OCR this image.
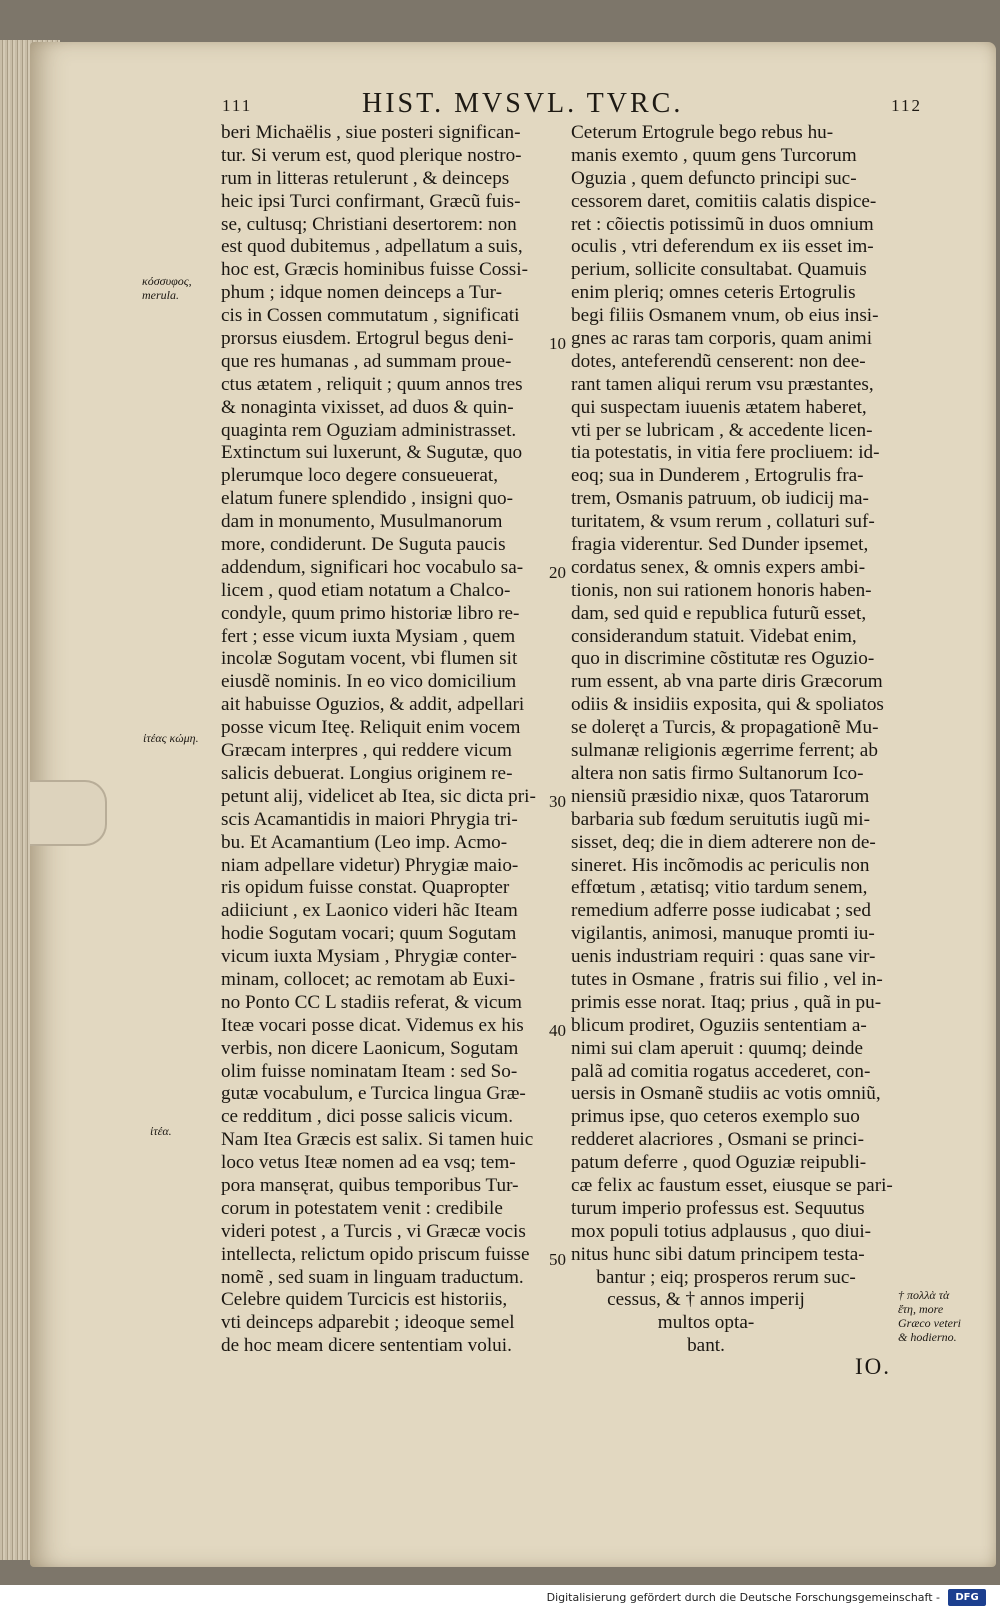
111	HIST. MVSVL. TVRC.	112
beri Michaëlis , siue posteri significan-
tur. Si verum est, quod plerique nostro-
rum in litteras retulerunt , & deinceps
heic ipsi Turci confirmant, Græcũ fuis-
se, cultusq; Christiani desertorem: non
est quod dubitemus , adpellatum a suis,
hoc est, Græcis hominibus fuisse Cossi-
phum ; idque nomen deinceps a Tur-
cis in Cossen commutatum , significati
prorsus eiusdem. Ertogrul begus deni-
que res humanas , ad summam proue-
ctus ætatem , reliquit ; quum annos tres
& nonaginta vixisset, ad duos & quin-
quaginta rem Oguziam administrasset.
Extinctum sui luxerunt, & Sugutæ, quo
plerumque loco degere consueuerat,
elatum funere splendido , insigni quo-
dam in monumento, Musulmanorum
more, condiderunt. De Suguta paucis
addendum, significari hoc vocabulo sa-
licem , quod etiam notatum a Chalco-
condyle, quum primo historiæ libro re-
fert ; esse vicum iuxta Mysiam , quem
incolæ Sogutam vocent, vbi flumen sit
eiusdẽ nominis. In eo vico domicilium
ait habuisse Oguzios, & addit, adpellari
posse vicum Iteę. Reliquit enim vocem
Græcam interpres , qui reddere vicum
salicis debuerat. Longius originem re-
petunt alij, videlicet ab Itea, sic dicta pri-
scis Acamantidis in maiori Phrygia tri-
bu. Et Acamantium (Leo imp. Acmo-
niam adpellare videtur) Phrygiæ maio-
ris opidum fuisse constat. Quapropter
adiiciunt , ex Laonico videri hãc Iteam
hodie Sogutam vocari; quum Sogutam
vicum iuxta Mysiam , Phrygiæ conter-
minam, collocet; ac remotam ab Euxi-
no Ponto CC L stadiis referat, & vicum
Iteæ vocari posse dicat. Videmus ex his
verbis, non dicere Laonicum, Sogutam
olim fuisse nominatam Iteam : sed So-
gutæ vocabulum, e Turcica lingua Græ-
ce redditum , dici posse salicis vicum.
Nam Itea Græcis est salix. Si tamen huic
loco vetus Iteæ nomen ad ea vsq; tem-
pora mansęrat, quibus temporibus Tur-
corum in potestatem venit : credibile
videri potest , a Turcis , vi Græcæ vocis
intellecta, relictum opido priscum fuisse
nomẽ , sed suam in linguam traductum.
Celebre quidem Turcicis est historiis,
vti deinceps adparebit ; ideoque semel
de hoc meam dicere sententiam volui.
Ceterum Ertogrule bego rebus hu-
manis exemto , quum gens Turcorum
Oguzia , quem defuncto principi suc-
cessorem daret, comitiis calatis dispice-
ret : cõiectis potissimũ in duos omnium
oculis , vtri deferendum ex iis esset im-
perium, sollicite consultabat. Quamuis
enim pleriq; omnes ceteris Ertogrulis
begi filiis Osmanem vnum, ob eius insi-
gnes ac raras tam corporis, quam animi
dotes, anteferendũ censerent: non dee-
rant tamen aliqui rerum vsu præstantes,
qui suspectam iuuenis ætatem haberet,
vti per se lubricam , & accedente licen-
tia potestatis, in vitia fere procliuem: id-
eoq; sua in Dunderem , Ertogrulis fra-
trem, Osmanis patruum, ob iudicij ma-
turitatem, & vsum rerum , collaturi suf-
fragia viderentur. Sed Dunder ipsemet,
cordatus senex, & omnis expers ambi-
tionis, non sui rationem honoris haben-
dam, sed quid e republica futurũ esset,
considerandum statuit. Videbat enim,
quo in discrimine cõstitutæ res Oguzio-
rum essent, ab vna parte diris Græcorum
odiis & insidiis exposita, qui & spoliatos
se doleręt a Turcis, & propagationẽ Mu-
sulmanæ religionis ægerrime ferrent; ab
altera non satis firmo Sultanorum Ico-
niensiũ præsidio nixæ, quos Tatarorum
barbaria sub fœdum seruitutis iugũ mi-
sisset, deq; die in diem adterere non de-
sineret. His incõmodis ac periculis non
effœtum , ætatisq; vitio tardum senem,
remedium adferre posse iudicabat ; sed
vigilantis, animosi, manuque promti iu-
uenis industriam requiri : quas sane vir-
tutes in Osmane , fratris sui filio , vel in-
primis esse norat. Itaq; prius , quã in pu-
blicum prodiret, Oguziis sententiam a-
nimi sui clam aperuit : quumq; deinde
palã ad comitia rogatus accederet, con-
uersis in Osmanẽ studiis ac votis omniũ,
primus ipse, quo ceteros exemplo suo
redderet alacriores , Osmani se princi-
patum deferre , quod Oguziæ reipubli-
cæ felix ac faustum esset, eiusque se pari-
turum imperio professus est. Sequutus
mox populi totius adplausus , quo diui-
nitus hunc sibi datum principem testa-
bantur ; eiq; prosperos rerum suc-
cessus, & † annos imperij
multos opta-
bant.
10
20
30
40
50
κόσσυφος,
merula.
ἰτέας κώμη.
ἰτέα.
† πολλὰ τὰ
ἔτη, more
Græco veteri
& hodierno.
IO.
Digitalisierung gefördert durch die Deutsche Forschungsgemeinschaft -	DFG
